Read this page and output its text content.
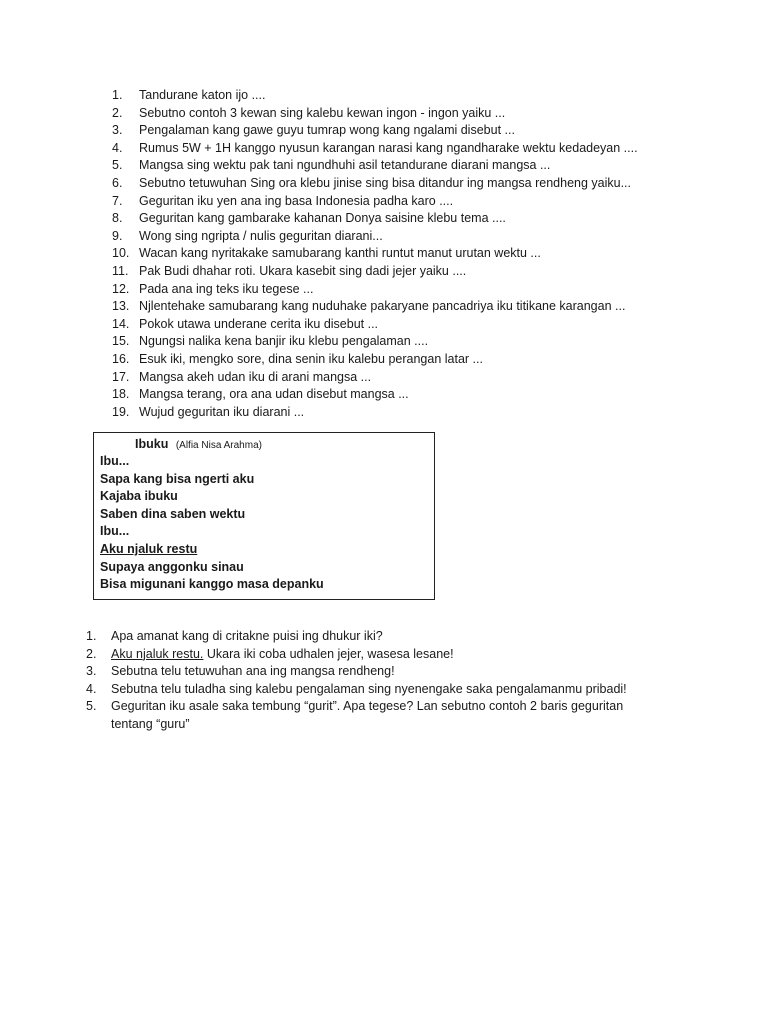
1.	Tandurane katon ijo ....
2.	Sebutno contoh 3 kewan sing kalebu kewan ingon - ingon yaiku ...
3.	Pengalaman kang gawe guyu tumrap wong kang ngalami disebut ...
4.	Rumus 5W + 1H kanggo nyusun karangan narasi kang ngandharake wektu kedadeyan ....
5.	Mangsa sing wektu pak tani ngundhuhi asil tetandurane diarani mangsa ...
6.	Sebutno tetuwuhan Sing ora klebu jinise sing bisa ditandur ing mangsa rendheng yaiku...
7.	Geguritan iku yen ana ing basa Indonesia padha karo ....
8.	Geguritan kang gambarake kahanan Donya saisine klebu tema ....
9.	Wong sing ngripta / nulis geguritan diarani...
10. Wacan kang nyritakake samubarang kanthi runtut manut urutan wektu ...
11. Pak Budi dhahar roti. Ukara kasebit sing dadi jejer yaiku ....
12. Pada ana ing teks iku tegese ...
13. Njlentehake samubarang kang nuduhake pakaryane pancadriya iku titikane karangan ...
14. Pokok utawa underane cerita iku disebut ...
15. Ngungsi nalika kena banjir iku klebu pengalaman ....
16. Esuk iki, mengko sore, dina senin iku kalebu perangan latar ...
17. Mangsa akeh udan iku di arani mangsa ...
18. Mangsa terang, ora ana udan disebut mangsa ...
19. Wujud geguritan iku diarani ...
Ibuku (Alfia Nisa Arahma)
Ibu...
Sapa kang bisa ngerti aku
Kajaba ibuku
Saben dina saben wektu
Ibu...
Aku njaluk restu
Supaya anggonku sinau
Bisa migunani kanggo masa depanku
1.	Apa amanat kang di critakne puisi ing dhukur iki?
2.	Aku njaluk restu. Ukara iki coba udhalen jejer, wasesa lesane!
3.	Sebutna telu tetuwuhan ana ing mangsa rendheng!
4.	Sebutna telu tuladha sing kalebu pengalaman sing nyenengake saka pengalamanmu pribadi!
5.	Geguritan iku asale saka tembung “gurit”. Apa tegese? Lan sebutno contoh 2 baris geguritan tentang “guru”
